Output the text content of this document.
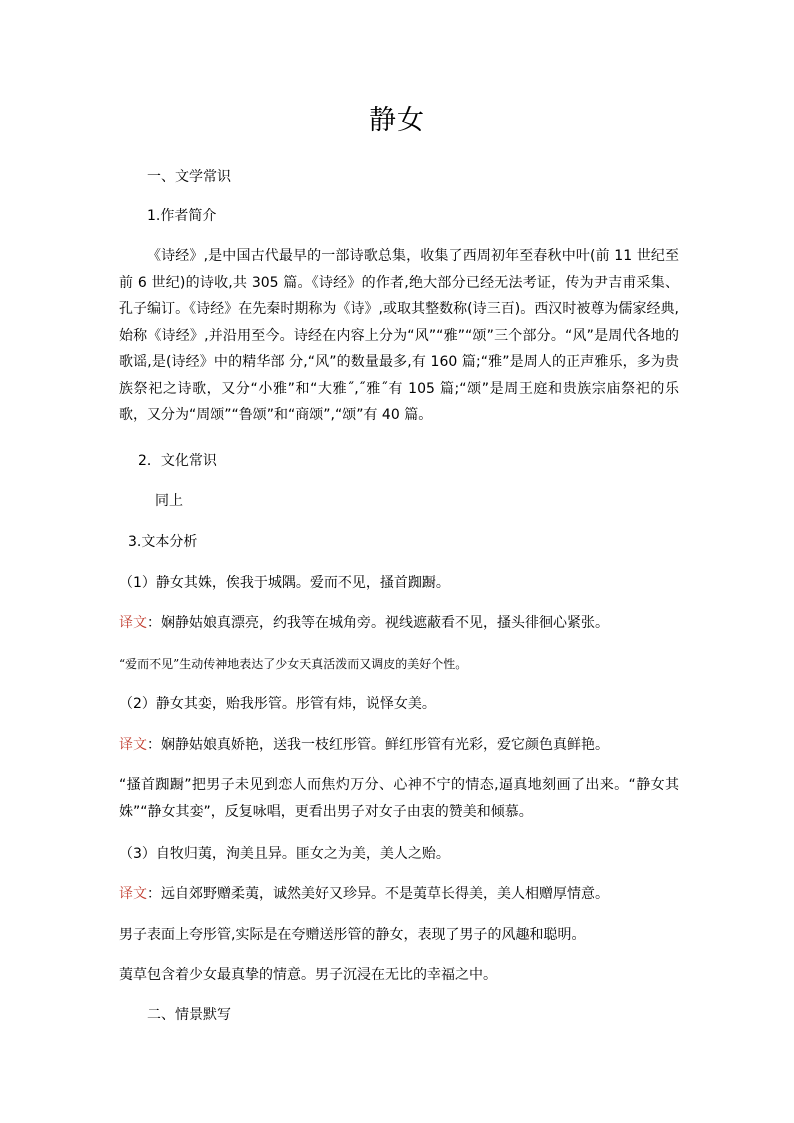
静女
一、文学常识
1.作者简介
《诗经》,是中国古代最早的一部诗歌总集，收集了西周初年至春秋中叶(前 11 世纪至前 6 世纪)的诗收,共 305 篇。《诗经》的作者,绝大部分已经无法考证，传为尹吉甫采集、孔子编订。《诗经》在先秦时期称为《诗》,或取其整数称(诗三百)。西汉时被尊为儒家经典,始称《诗经》,并沿用至今。诗经在内容上分为“风”“雅”“颂”三个部分。“风”是周代各地的歌谣,是(诗经》中的精华部 分,“风”的数量最多,有 160 篇;“雅”是周人的正声雅乐，多为贵族祭祀之诗歌，又分“小雅”和“大雅˝,˝雅˝有 105 篇;“颂”是周王庭和贵族宗庙祭祀的乐歌，又分为“周颂”“鲁颂”和“商颂”,“颂”有 40 篇。
2．文化常识
同上
3.文本分析
（1）静女其姝，俟我于城隅。爱而不见，搔首踟蹰。
译文：娴静姑娘真漂亮，约我等在城角旁。视线遮蔽看不见，搔头徘徊心紧张。
“爱而不见”生动传神地表达了少女天真活泼而又调皮的美好个性。
（2）静女其娈，贻我彤管。彤管有炜，说怿女美。
译文：娴静姑娘真娇艳，送我一枝红彤管。鲜红彤管有光彩，爱它颜色真鲜艳。
“搔首踟蹰”把男子未见到恋人而焦灼万分、心神不宁的情态,逼真地刻画了出来。“静女其姝”“静女其娈”，反复咏唱，更看出男子对女子由衷的赞美和倾慕。
（3）自牧归荑，洵美且异。匪女之为美，美人之贻。
译文：远自郊野赠柔荑，诚然美好又珍异。不是荑草长得美，美人相赠厚情意。
男子表面上夸彤管,实际是在夸赠送彤管的静女，表现了男子的风趣和聪明。
荑草包含着少女最真挚的情意。男子沉浸在无比的幸福之中。
二、情景默写
